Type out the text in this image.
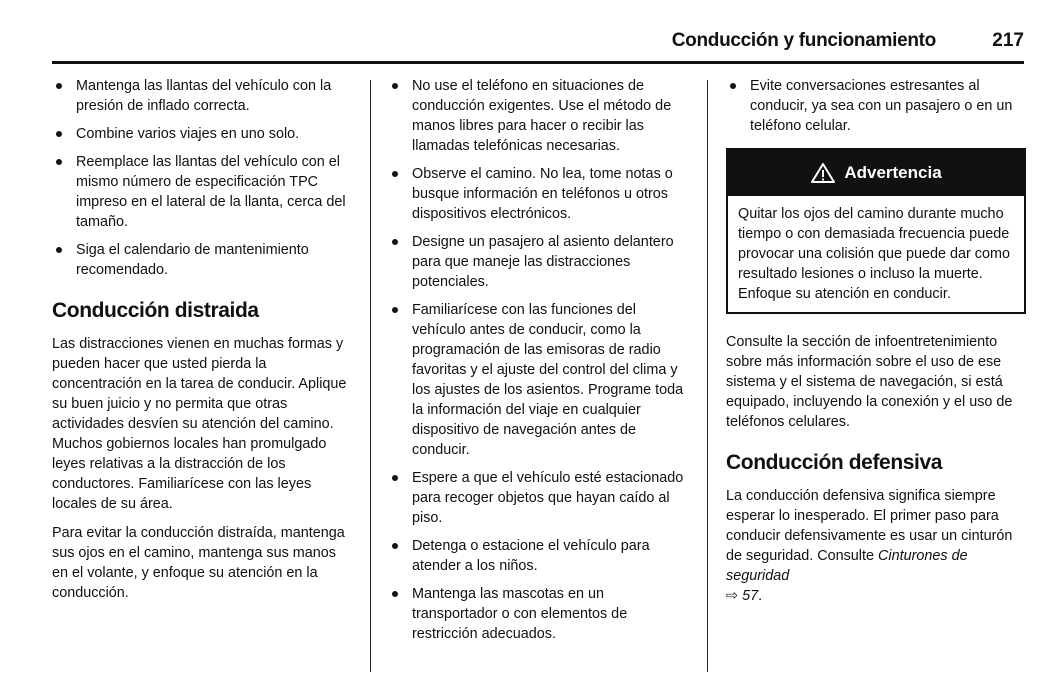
Conducción y funcionamiento	217
Mantenga las llantas del vehículo con la presión de inflado correcta.
Combine varios viajes en uno solo.
Reemplace las llantas del vehículo con el mismo número de especificación TPC impreso en el lateral de la llanta, cerca del tamaño.
Siga el calendario de mantenimiento recomendado.
Conducción distraida

Las distracciones vienen en muchas formas y pueden hacer que usted pierda la concentración en la tarea de conducir. Aplique su buen juicio y no permita que otras actividades desvíen su atención del camino. Muchos gobiernos locales han promulgado leyes relativas a la distracción de los conductores. Familiarícese con las leyes locales de su área.

Para evitar la conducción distraída, mantenga sus ojos en el camino, mantenga sus manos en el volante, y enfoque su atención en la conducción.

No use el teléfono en situaciones de conducción exigentes. Use el método de manos libres para hacer o recibir las llamadas telefónicas necesarias.
Observe el camino. No lea, tome notas o busque información en teléfonos u otros dispositivos electrónicos.
Designe un pasajero al asiento delantero para que maneje las distracciones potenciales.
Familiarícese con las funciones del vehículo antes de conducir, como la programación de las emisoras de radio favoritas y el ajuste del control del clima y los ajustes de los asientos. Programe toda la información del viaje en cualquier dispositivo de navegación antes de conducir.
Espere a que el vehículo esté estacionado para recoger objetos que hayan caído al piso.
Detenga o estacione el vehículo para atender a los niños.
Mantenga las mascotas en un transportador o con elementos de restricción adecuados.
Evite conversaciones estresantes al conducir, ya sea con un pasajero o en un teléfono celular.
Advertencia
Quitar los ojos del camino durante mucho tiempo o con demasiada frecuencia puede provocar una colisión que puede dar como resultado lesiones o incluso la muerte. Enfoque su atención en conducir.

Consulte la sección de infoentretenimiento sobre más información sobre el uso de ese sistema y el sistema de navegación, si está equipado, incluyendo la conexión y el uso de teléfonos celulares.

Conducción defensiva

La conducción defensiva significa siempre esperar lo inesperado. El primer paso para conducir defensivamente es usar un cinturón de seguridad. Consulte Cinturones de seguridad
⇨ 57.
